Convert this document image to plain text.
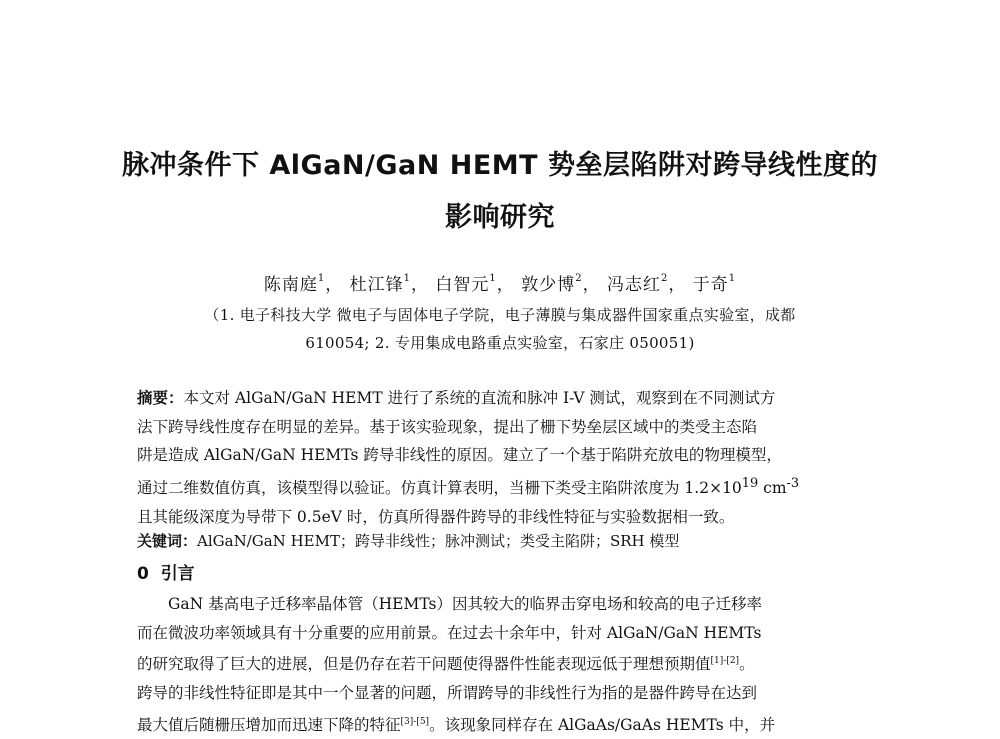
脉冲条件下 AlGaN/GaN HEMT 势垒层陷阱对跨导线性度的
影响研究
陈南庭$^1$， 杜江锋$^1$， 白智元$^1$， 敦少博$^2$， 冯志红$^2$， 于奇$^1$
（1. 电子科技大学 微电子与固体电子学院，电子薄膜与集成器件国家重点实验室，成都
610054; 2. 专用集成电路重点实验室，石家庄 050051)
摘要：本文对 AlGaN/GaN HEMT 进行了系统的直流和脉冲 I-V 测试，观察到在不同测试方
法下跨导线性度存在明显的差异。基于该实验现象，提出了栅下势垒层区域中的类受主态陷
阱是造成 AlGaN/GaN HEMTs 跨导非线性的原因。建立了一个基于陷阱充放电的物理模型，
通过二维数值仿真，该模型得以验证。仿真计算表明，当栅下类受主陷阱浓度为 $1.2\times 10^{19}$ $cm^{-3}$
且其能级深度为导带下 0.5eV 时，仿真所得器件跨导的非线性特征与实验数据相一致。
关键词：AlGaN/GaN HEMT；跨导非线性；脉冲测试；类受主陷阱；SRH 模型
0 引言
GaN 基高电子迁移率晶体管（HEMTs）因其较大的临界击穿电场和较高的电子迁移率
而在微波功率领域具有十分重要的应用前景。在过去十余年中，针对 AlGaN/GaN HEMTs
的研究取得了巨大的进展，但是仍存在若干问题使得器件性能表现远低于理想预期值[1]-[2]。
跨导的非线性特征即是其中一个显著的问题，所谓跨导的非线性行为指的是器件跨导在达到
最大值后随栅压增加而迅速下降的特征[3]-[5]。该现象同样存在 AlGaAs/GaAs HEMTs 中，并
